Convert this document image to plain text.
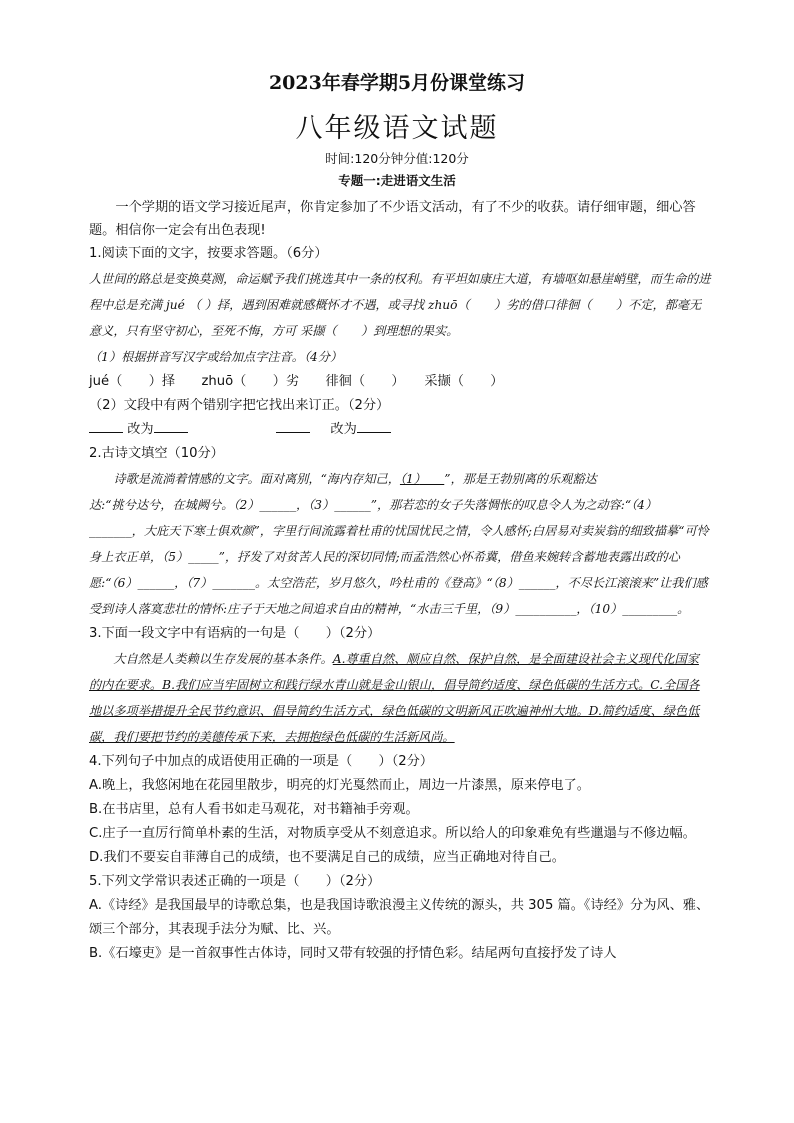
2023年春学期5月份课堂练习
八年级语文试题
时间:120分钟分值:120分
专题一:走进语文生活

一个学期的语文学习接近尾声，你肯定参加了不少语文活动，有了不少的收获。请仔细审题，细心答题。相信你一定会有出色表现!

1.阅读下面的文字，按要求答题。（6分）

人世间的路总是变换莫测，命运赋予我们挑选其中一条的权利。有平坦如康庄大道，有墙呕如悬崖峭壁，而生命的进程中总是充满 jué （ ）择，遇到困难就感概怀才不遇，或寻找 zhuō（　　）劣的借口徘徊（　　）不定，都毫无意义，只有坚守初心，至死不悔，方可 采撷（　　）到理想的果实。

（1）根据拼音写汉字或给加点字注音。（4分）

jué（　　）择　　zhuō（　　）劣　　徘徊（　　）　　采撷（　　）

（2）文段中有两个错别字把它找出来订正。（2分）

改为	改为

2.古诗文填空（10分）

诗歌是流淌着情感的文字。面对离别，“海内存知己，（1）　　 ”，那是王勃别离的乐观豁达

达:“挑兮达兮，在城阙兮。（2）______，（3）______”，那若恋的女子失落惆怅的叹息令人为之动容:“（4）_______，大庇天下寒士俱欢颜”，字里行间流露着杜甫的忧国忧民之情，令人感怀;白居易对卖炭翁的细致描摹“可怜身上衣正单，（5）_____”，抒发了对贫苦人民的深切同情;而孟浩然心怀希冀，借鱼来婉转含蓄地表露出政的心愿:“（6）______，（7）_______。太空浩茫，岁月悠久，吟杜甫的《登高》“（8）______，不尽长江滚滚来”让我们感受到诗人落寞悲壮的情怀:庄子于天地之间追求自由的精神，“水击三千里，（9）__________，（10）_________。

3.下面一段文字中有语病的一句是（　　）（2分）

大自然是人类赖以生存发展的基本条件。A.尊重自然、顺应自然、保护自然，是全面建设社会主义现代化国家的内在要求。B.我们应当牢固树立和践行绿水青山就是金山银山，倡导简约适度、绿色低碳的生活方式。C.全国各地以多项举措提升全民节约意识、倡导简约生活方式，绿色低碳的文明新风正吹遍神州大地。D.简约适度、绿色低碳，我们要把节约的美德传承下来，去拥抱绿色低碳的生活新风尚。

4.下列句子中加点的成语使用正确的一项是（　　）（2分）

A.晚上，我悠闲地在花园里散步，明亮的灯光戛然而止，周边一片漆黑，原来停电了。

B.在书店里，总有人看书如走马观花，对书籍袖手旁观。

C.庄子一直厉行简单朴素的生活，对物质享受从不刻意追求。所以给人的印象难免有些邋遢与不修边幅。

D.我们不要妄自菲薄自己的成绩，也不要满足自己的成绩，应当正确地对待自己。

5.下列文学常识表述正确的一项是（　　）（2分）

A.《诗经》是我国最早的诗歌总集，也是我国诗歌浪漫主义传统的源头，共 305 篇。《诗经》分为风、雅、颂三个部分，其表现手法分为赋、比、兴。

B.《石壕吏》是一首叙事性古体诗，同时又带有较强的抒情色彩。结尾两句直接抒发了诗人
